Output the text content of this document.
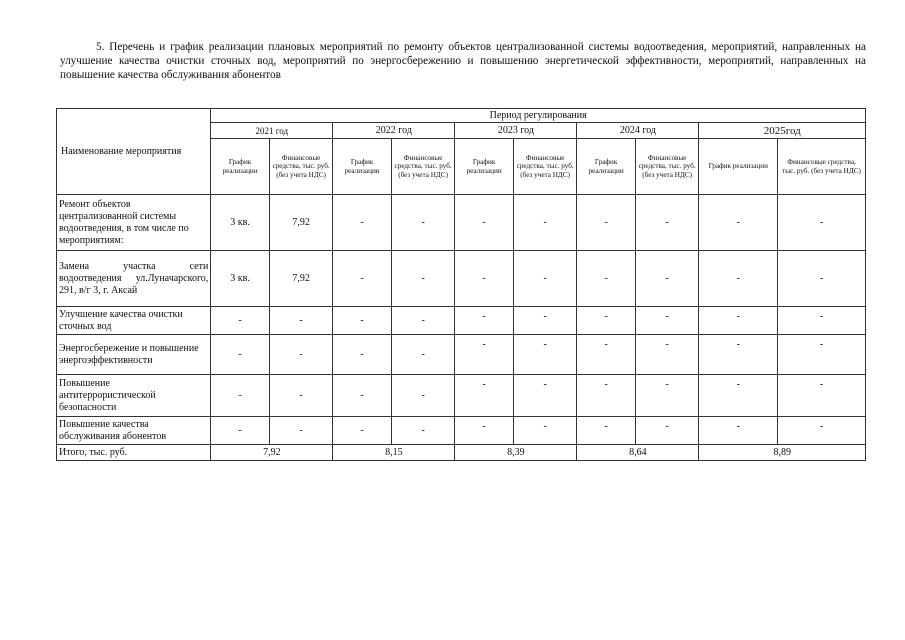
5. Перечень и график реализации плановых мероприятий по ремонту объектов централизованной системы водоотведения, мероприятий, направленных на улучшение качества очистки сточных вод, мероприятий по энергосбережению и повышению энергетической эффективности, мероприятий, направленных на повышение качества обслуживания абонентов
Наименование мероприятия	Период регулирования									
	2021 год		2022 год		2023 год		2024 год		2025год	
	График реализации	Финансовые средства, тыс. руб. (без учета НДС)	График реализации	Финансовые средства, тыс. руб. (без учета НДС)	График реализации	Финансовые средства, тыс. руб. (без учета НДС)	График реализации	Финансовые средства, тыс. руб. (без учета НДС)	График реализации	Финансовые средства, тыс. руб. (без учета НДС)
Ремонт объектов централизованной системы водоотведения, в том числе по мероприятиям:	3 кв.	7,92	-	-	-	-	-	-	-	-
Замена участка сети водоотведения ул.Луначарского, 291, в/г 3, г. Аксай	3 кв.	7,92	-	-	-	-	-	-	-	-
Улучшение качества очистки сточных вод	-	-	-	-	-	-	-	-	-	-
Энергосбережение и повышение энергоэффективности	-	-	-	-	-	-	-	-	-	-
Повышение антитеррористической безопасности	-	-	-	-	-	-	-	-	-	-
Повышение качества обслуживания абонентов	-	-	-	-	-	-	-	-	-	-
Итого, тыс. руб.	7,92		8,15		8,39		8,64		8,89	
